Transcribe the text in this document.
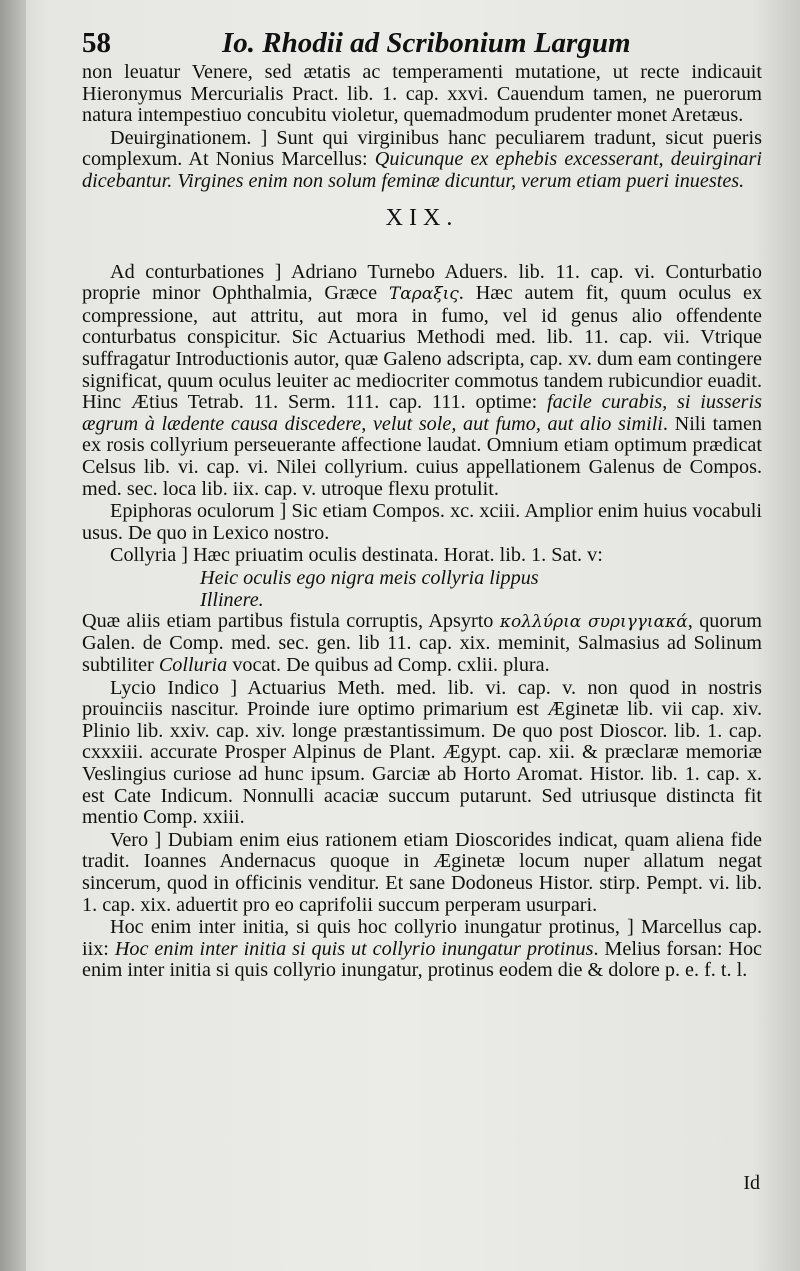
58	Io. Rhodii ad Scribonium Largum

non leuatur Venere, sed ætatis ac temperamenti mutatione, ut recte indicauit Hieronymus Mercurialis Pract. lib. 1. cap. xxvi. Cauendum tamen, ne puerorum natura intempestiuo concubitu violetur, quemadmodum prudenter monet Aretæus.

Deuirginationem. ] Sunt qui virginibus hanc peculiarem tradunt, sicut pueris complexum. At Nonius Marcellus: Quicunque ex ephebis excesserant, deuirginari dicebantur. Virgines enim non solum feminæ dicuntur, verum etiam pueri inuestes.

XIX.

Ad conturbationes ] Adriano Turnebo Aduers. lib. 11. cap. vi. Conturbatio proprie minor Ophthalmia, Græce Ταραξις. Hæc autem fit, quum oculus ex compressione, aut attritu, aut mora in fumo, vel id genus alio offendente conturbatus conspicitur. Sic Actuarius Methodi med. lib. 11. cap. vii. Vtrique suffragatur Introductionis autor, quæ Galeno adscripta, cap. xv. dum eam contingere significat, quum oculus leuiter ac mediocriter commotus tandem rubicundior euadit. Hinc Ætius Tetrab. 11. Serm. 111. cap. 111. optime: facile curabis, si iusseris ægrum à lædente causa discedere, velut sole, aut fumo, aut alio simili. Nili tamen ex rosis collyrium perseuerante affectione laudat. Omnium etiam optimum prædicat Celsus lib. vi. cap. vi. Nilei collyrium. cuius appellationem Galenus de Compos. med. sec. loca lib. iix. cap. v. utroque flexu protulit.

Epiphoras oculorum ] Sic etiam Compos. xc. xciii. Amplior enim huius vocabuli usus. De quo in Lexico nostro.

Collyria ] Hæc priuatim oculis destinata. Horat. lib. 1. Sat. v:

Heic oculis ego nigra meis collyria lippus
Illinere.

Quæ aliis etiam partibus fistula corruptis, Apsyrto κολλύρια συριγγιακά, quorum Galen. de Comp. med. sec. gen. lib 11. cap. xix. meminit, Salmasius ad Solinum subtiliter Colluria vocat. De quibus ad Comp. cxlii. plura.

Lycio Indico ] Actuarius Meth. med. lib. vi. cap. v. non quod in nostris prouinciis nascitur. Proinde iure optimo primarium est Æginetæ lib. vii cap. xiv. Plinio lib. xxiv. cap. xiv. longe præstantissimum. De quo post Dioscor. lib. 1. cap. cxxxiii. accurate Prosper Alpinus de Plant. Ægypt. cap. xii. & præclaræ memoriæ Veslingius curiose ad hunc ipsum. Garciæ ab Horto Aromat. Histor. lib. 1. cap. x. est Cate Indicum. Nonnulli acaciæ succum putarunt. Sed utriusque distincta fit mentio Comp. xxiii.

Vero ] Dubiam enim eius rationem etiam Dioscorides indicat, quam aliena fide tradit. Ioannes Andernacus quoque in Æginetæ locum nuper allatum negat sincerum, quod in officinis venditur. Et sane Dodoneus Histor. stirp. Pempt. vi. lib. 1. cap. xix. aduertit pro eo caprifolii succum perperam usurpari.

Hoc enim inter initia, si quis hoc collyrio inungatur protinus, ] Marcellus cap. iix: Hoc enim inter initia si quis ut collyrio inungatur protinus. Melius forsan: Hoc enim inter initia si quis collyrio inungatur, protinus eodem die & dolore p. e. f. t. l.

Id
